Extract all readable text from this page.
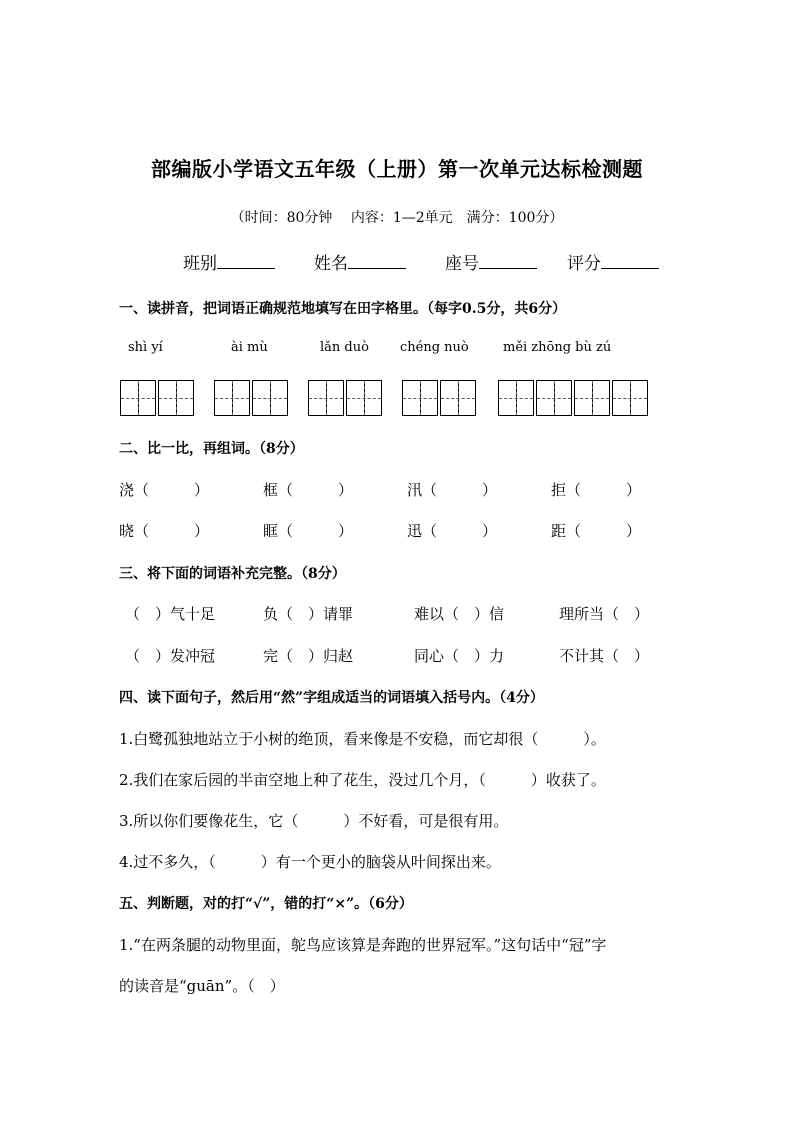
部编版小学语文五年级（上册）第一次单元达标检测题
（时间：80分钟　 内容：1—2单元　满分：100分）
班别	姓名	座号	评分
一、读拼音，把词语正确规范地填写在田字格里。（每字0.5分，共6分）
shì yí	ài mù	lǎn duò chéng nuò	měi zhōng bù zú
二、比一比，再组词。（8分）
浇（　　　）	框（　　　）	汛（　　　）	拒（　　　）
晓（　　　）	眶（　　　）	迅（　　　）	距（　　　）
三、将下面的词语补充完整。（8分）
（　）气十足	负（　）请罪	难以（　）信	理所当（　）
（　）发冲冠	完（　）归赵	同心（　）力	不计其（　）
四、读下面句子，然后用“然”字组成适当的词语填入括号内。（4分）
1.白鹭孤独地站立于小树的绝顶，看来像是不安稳，而它却很（　　　）。
2.我们在家后园的半亩空地上种了花生，没过几个月，（　　　）收获了。
3.所以你们要像花生，它（　　　）不好看，可是很有用。
4.过不多久，（　　　）有一个更小的脑袋从叶间探出来。
五、判断题，对的打“√”，错的打“×”。（6分）
1.“在两条腿的动物里面，鸵鸟应该算是奔跑的世界冠军。”这句话中“冠”字
的读音是“guān”。（　）
